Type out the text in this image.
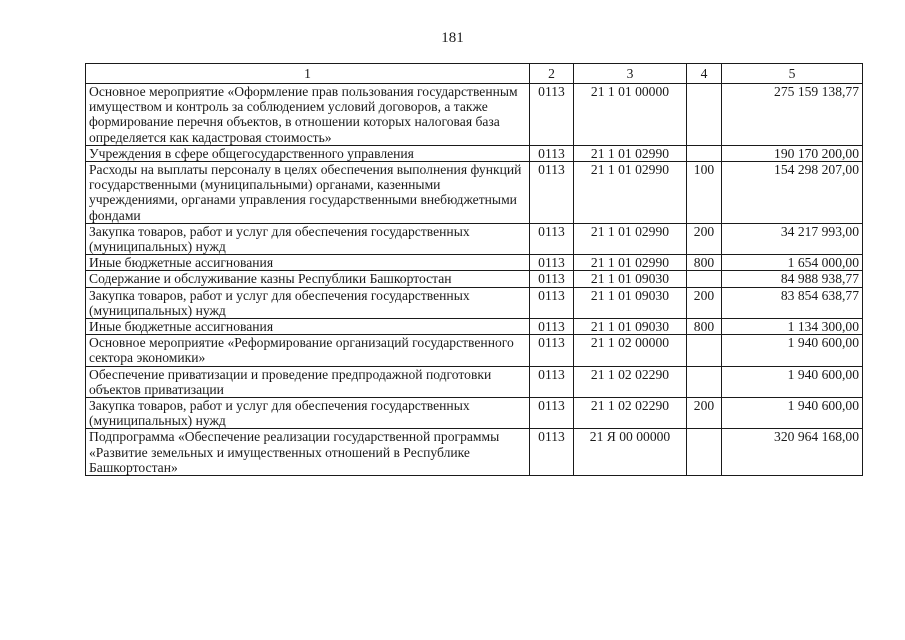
181
1	2	3	4	5
Основное мероприятие «Оформление прав пользования государственным имуществом и контроль за соблюдением условий договоров, а также формирование перечня объектов, в отношении которых налоговая база определяется как кадастровая стоимость»	0113	21 1 01 00000		275 159 138,77
Учреждения в сфере общегосударственного управления	0113	21 1 01 02990		190 170 200,00
Расходы на выплаты персоналу в целях обеспечения выполнения функций государственными (муниципальными) органами, казенными учреждениями, органами управления государственными внебюджетными фондами	0113	21 1 01 02990	100	154 298 207,00
Закупка товаров, работ и услуг для обеспечения государственных (муниципальных) нужд	0113	21 1 01 02990	200	34 217 993,00
Иные бюджетные ассигнования	0113	21 1 01 02990	800	1 654 000,00
Содержание и обслуживание казны Республики Башкортостан	0113	21 1 01 09030		84 988 938,77
Закупка товаров, работ и услуг для обеспечения государственных (муниципальных) нужд	0113	21 1 01 09030	200	83 854 638,77
Иные бюджетные ассигнования	0113	21 1 01 09030	800	1 134 300,00
Основное мероприятие «Реформирование организаций государственного сектора экономики»	0113	21 1 02 00000		1 940 600,00
Обеспечение приватизации и проведение предпродажной подготовки объектов приватизации	0113	21 1 02 02290		1 940 600,00
Закупка товаров, работ и услуг для обеспечения государственных (муниципальных) нужд	0113	21 1 02 02290	200	1 940 600,00
Подпрограмма «Обеспечение реализации государственной программы «Развитие земельных и имущественных отношений в Республике Башкортостан»	0113	21 Я 00 00000		320 964 168,00
